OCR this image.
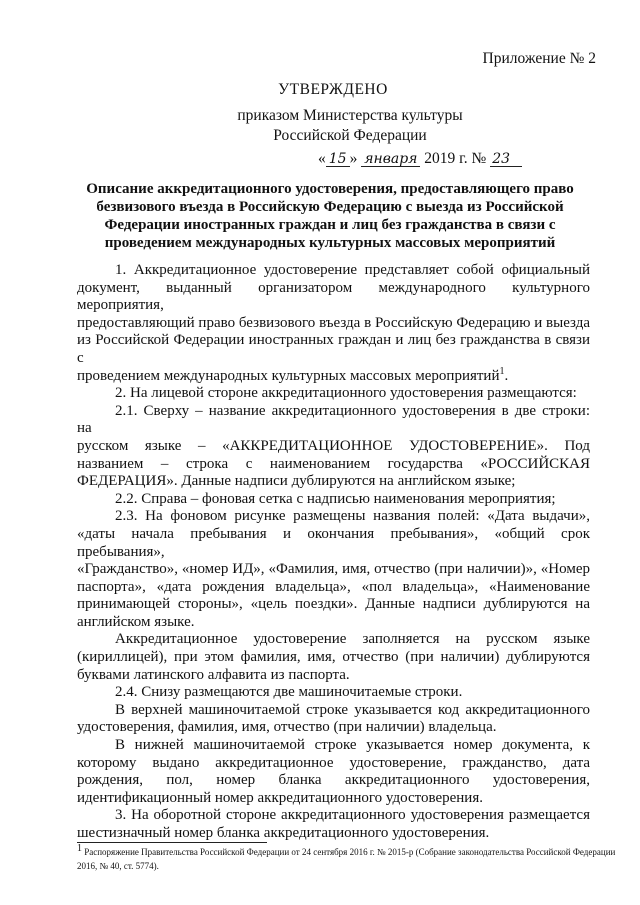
Приложение № 2

УТВЕРЖДЕНО

приказом Министерства культуры

Российской Федерации

« 15 » января 2019 г. № 23

Описание аккредитационного удостоверения, предоставляющего право
безвизового въезда в Российскую Федерацию с выезда из Российской
Федерации иностранных граждан и лиц без гражданства в связи с
проведением международных культурных массовых мероприятий

1. Аккредитационное удостоверение представляет собой официальный

документ, выданный организатором международного культурного мероприятия,

предоставляющий право безвизового въезда в Российскую Федерацию и выезда

из Российской Федерации иностранных граждан и лиц без гражданства в связи с

проведением международных культурных массовых мероприятий$^1$.

2. На лицевой стороне аккредитационного удостоверения размещаются:

2.1. Сверху – название аккредитационного удостоверения в две строки: на

русском языке – «АККРЕДИТАЦИОННОЕ УДОСТОВЕРЕНИЕ». Под

названием – строка с наименованием государства «РОССИЙСКАЯ

ФЕДЕРАЦИЯ». Данные надписи дублируются на английском языке;

2.2. Справа – фоновая сетка с надписью наименования мероприятия;

2.3. На фоновом рисунке размещены названия полей: «Дата выдачи»,

«даты начала пребывания и окончания пребывания», «общий срок пребывания»,

«Гражданство», «номер ИД», «Фамилия, имя, отчество (при наличии)», «Номер

паспорта», «дата рождения владельца», «пол владельца», «Наименование

принимающей стороны», «цель поездки». Данные надписи дублируются на

английском языке.

Аккредитационное удостоверение заполняется на русском языке

(кириллицей), при этом фамилия, имя, отчество (при наличии) дублируются

буквами латинского алфавита из паспорта.

2.4. Снизу размещаются две машиночитаемые строки.

В верхней машиночитаемой строке указывается код аккредитационного

удостоверения, фамилия, имя, отчество (при наличии) владельца.

В нижней машиночитаемой строке указывается номер документа, к

которому выдано аккредитационное удостоверение, гражданство, дата

рождения, пол, номер бланка аккредитационного удостоверения,

идентификационный номер аккредитационного удостоверения.

3. На оборотной стороне аккредитационного удостоверения размещается

шестизначный номер бланка аккредитационного удостоверения.

1 Распоряжение Правительства Российской Федерации от 24 сентября 2016 г. № 2015-р (Собрание законодательства Российской Федерации
2016, № 40, ст. 5774).
